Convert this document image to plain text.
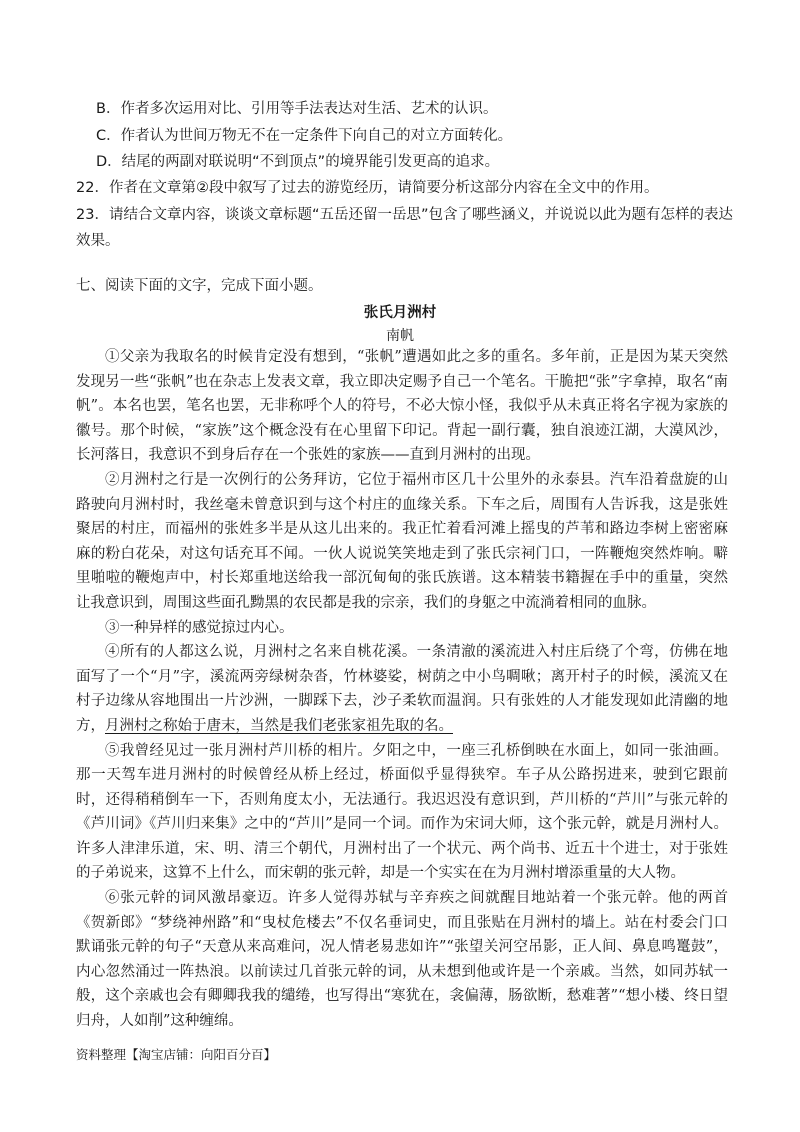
B．作者多次运用对比、引用等手法表达对生活、艺术的认识。
C．作者认为世间万物无不在一定条件下向自己的对立方面转化。
D．结尾的两副对联说明“不到顶点”的境界能引发更高的追求。
22．作者在文章第②段中叙写了过去的游览经历，请简要分析这部分内容在全文中的作用。
23．请结合文章内容，谈谈文章标题“五岳还留一岳思”包含了哪些涵义，并说说以此为题有怎样的表达
效果。
七、阅读下面的文字，完成下面小题。
张氏月洲村
南帆

①父亲为我取名的时候肯定没有想到，“张帆”遭遇如此之多的重名。多年前，正是因为某天突然发现另一些“张帆”也在杂志上发表文章，我立即决定赐予自己一个笔名。干脆把“张”字拿掉，取名“南帆”。本名也罢，笔名也罢，无非称呼个人的符号，不必大惊小怪，我似乎从未真正将名字视为家族的徽号。那个时候，“家族”这个概念没有在心里留下印记。背起一副行囊，独自浪迹江湖，大漠风沙，长河落日，我意识不到身后存在一个张姓的家族——直到月洲村的出现。

②月洲村之行是一次例行的公务拜访，它位于福州市区几十公里外的永泰县。汽车沿着盘旋的山路驶向月洲村时，我丝毫未曾意识到与这个村庄的血缘关系。下车之后，周围有人告诉我，这是张姓聚居的村庄，而福州的张姓多半是从这儿出来的。我正忙着看河滩上摇曳的芦苇和路边李树上密密麻麻的粉白花朵，对这句话充耳不闻。一伙人说说笑笑地走到了张氏宗祠门口，一阵鞭炮突然炸响。噼里啪啦的鞭炮声中，村长郑重地送给我一部沉甸甸的张氏族谱。这本精装书籍握在手中的重量，突然让我意识到，周围这些面孔黝黑的农民都是我的宗亲，我们的身躯之中流淌着相同的血脉。

③一种异样的感觉掠过内心。

④所有的人都这么说，月洲村之名来自桃花溪。一条清澈的溪流进入村庄后绕了个弯，仿佛在地面写了一个“月”字，溪流两旁绿树杂沓，竹林婆娑，树荫之中小鸟啁啾；离开村子的时候，溪流又在村子边缘从容地围出一片沙洲，一脚踩下去，沙子柔软而温润。只有张姓的人才能发现如此清幽的地方，月洲村之称始于唐末，当然是我们老张家祖先取的名。

⑤我曾经见过一张月洲村芦川桥的相片。夕阳之中，一座三孔桥倒映在水面上，如同一张油画。那一天驾车进月洲村的时候曾经从桥上经过，桥面似乎显得狭窄。车子从公路拐进来，驶到它跟前时，还得稍稍倒车一下，否则角度太小，无法通行。我迟迟没有意识到，芦川桥的“芦川”与张元幹的《芦川词》《芦川归来集》之中的“芦川”是同一个词。而作为宋词大师，这个张元幹，就是月洲村人。许多人津津乐道，宋、明、清三个朝代，月洲村出了一个状元、两个尚书、近五十个进士，对于张姓的子弟说来，这算不上什么，而宋朝的张元幹，却是一个实实在在为月洲村增添重量的大人物。

⑥张元幹的词风激昂豪迈。许多人觉得苏轼与辛弃疾之间就醒目地站着一个张元幹。他的两首《贺新郎》“梦绕神州路”和“曳杖危楼去”不仅名垂词史，而且张贴在月洲村的墙上。站在村委会门口默诵张元幹的句子“天意从来高难问，况人情老易悲如许”“张望关河空吊影，正人间、鼻息鸣鼍鼓”，内心忽然涌过一阵热浪。以前读过几首张元幹的词，从未想到他或许是一个亲戚。当然，如同苏轼一般，这个亲戚也会有卿卿我我的缱绻，也写得出“寒犹在，衾偏薄，肠欲断，愁难著”“想小楼、终日望归舟，人如削”这种缠绵。

资料整理【淘宝店铺：向阳百分百】
